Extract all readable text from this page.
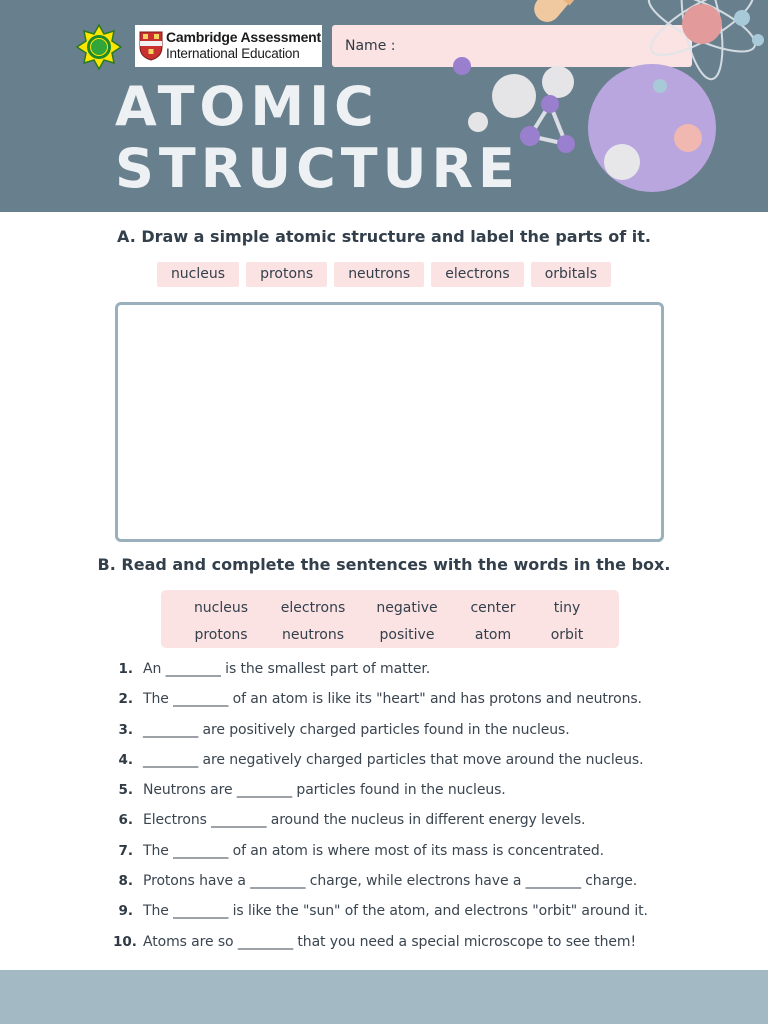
Cambridge Assessment
International Education	Name :
ATOMIC
STRUCTURE
A. Draw a simple atomic structure and label the parts of it.
nucleus	protons	neutrons	electrons	orbitals
B. Read and complete the sentences with the words in the box.
nucleus	electrons	negative	center	tiny
protons	neutrons	positive	atom	orbit
1. An ________ is the smallest part of matter.
2. The ________ of an atom is like its "heart" and has protons and neutrons.
3. ________ are positively charged particles found in the nucleus.
4. ________ are negatively charged particles that move around the nucleus.
5. Neutrons are ________ particles found in the nucleus.
6. Electrons ________ around the nucleus in different energy levels.
7. The ________ of an atom is where most of its mass is concentrated.
8. Protons have a ________ charge, while electrons have a ________ charge.
9. The ________ is like the "sun" of the atom, and electrons "orbit" around it.
10. Atoms are so ________ that you need a special microscope to see them!
